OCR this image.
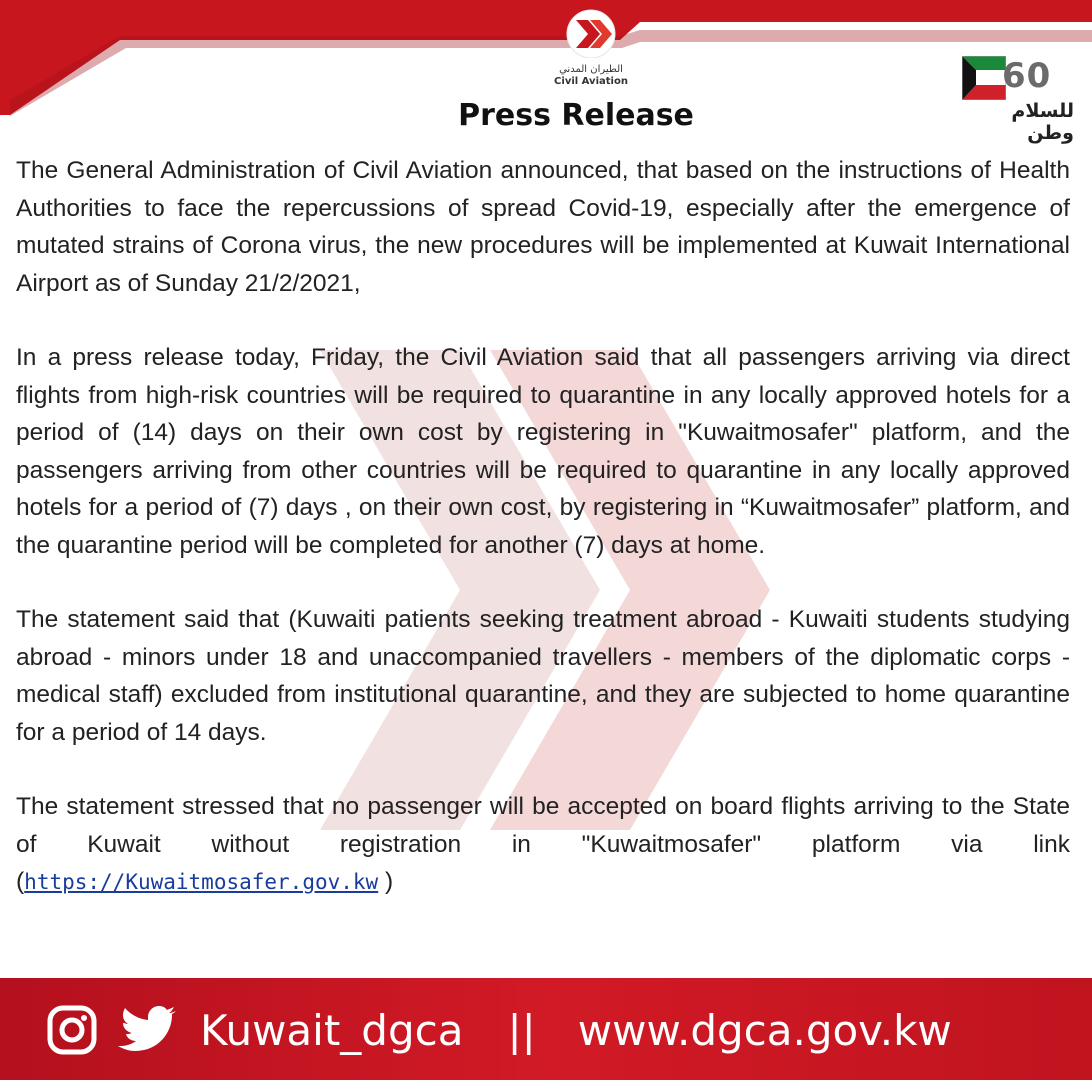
الطيران المدني
Civil Aviation	60
للسلام وطن
Press Release

The General Administration of Civil Aviation announced, that based on the instructions of Health Authorities to face the repercussions of spread Covid-19, especially after the emergence of mutated strains of Corona virus, the new procedures will be implemented at Kuwait International Airport as of Sunday 21/2/2021,

In a press release today, Friday, the Civil Aviation said that all passengers arriving via direct flights from high-risk countries will be required to quarantine in any locally approved hotels for a period of (14) days on their own cost by registering in "Kuwaitmosafer" platform, and the passengers arriving from other countries will be required to quarantine in any locally approved hotels for a period of (7) days , on their own cost, by registering in “Kuwaitmosafer” platform, and the quarantine period will be completed for another (7) days at home.

The statement said that (Kuwaiti patients seeking treatment abroad - Kuwaiti students studying abroad - minors under 18 and unaccompanied travellers - members of the diplomatic corps - medical staff) excluded from institutional quarantine, and they are subjected to home quarantine for a period of 14 days.

The statement stressed that no passenger will be accepted on board flights arriving to the State of Kuwait without registration in "Kuwaitmosafer" platform via link (https://Kuwaitmosafer.gov.kw )

Kuwait_dgca || www.dgca.gov.kw
